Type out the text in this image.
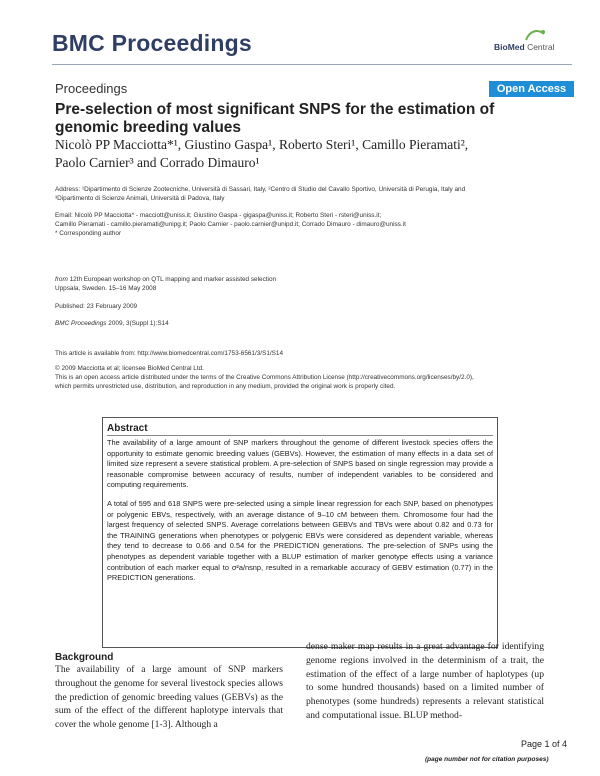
BMC Proceedings	BioMed Central
Proceedings	Open Access
Pre-selection of most significant SNPS for the estimation of
genomic breeding values
Nicolò PP Macciotta*¹, Giustino Gaspa¹, Roberto Steri¹, Camillo Pieramati²,
Paolo Carnier³ and Corrado Dimauro¹

Address: ¹Dipartimento di Scienze Zootecniche, Università di Sassari, Italy, ²Centro di Studio del Cavallo Sportivo, Università di Perugia, Italy and

³Dipartimento di Scienze Animali, Università di Padova, Italy

Email: Nicolò PP Macciotta* - macciott@uniss.it; Giustino Gaspa - gigaspa@uniss.it; Roberto Steri - rsteri@uniss.it;

Camillo Pieramati - camillo.pieramati@unipg.it; Paolo Carnier - paolo.carnier@unipd.it; Corrado Dimauro - dimauro@uniss.it

* Corresponding author

from 12th European workshop on QTL mapping and marker assisted selection

Uppsala, Sweden. 15–16 May 2008

Published: 23 February 2009
BMC Proceedings 2009, 3(Suppl 1):S14
This article is available from: http://www.biomedcentral.com/1753-6561/3/S1/S14

© 2009 Macciotta et al; licensee BioMed Central Ltd.

This is an open access article distributed under the terms of the Creative Commons Attribution License (http://creativecommons.org/licenses/by/2.0),

which permits unrestricted use, distribution, and reproduction in any medium, provided the original work is properly cited.

Abstract

The availability of a large amount of SNP markers throughout the genome of different livestock species offers the opportunity to estimate genomic breeding values (GEBVs). However, the estimation of many effects in a data set of limited size represent a severe statistical problem. A pre-selection of SNPS based on single regression may provide a reasonable compromise between accuracy of results, number of independent variables to be considered and computing requirements.

A total of 595 and 618 SNPS were pre-selected using a simple linear regression for each SNP, based on phenotypes or polygenic EBVs, respectively, with an average distance of 9–10 cM between them. Chromosome four had the largest frequency of selected SNPS. Average correlations between GEBVs and TBVs were about 0.82 and 0.73 for the TRAINING generations when phenotypes or polygenic EBVs were considered as dependent variable, whereas they tend to decrease to 0.66 and 0.54 for the PREDICTION generations. The pre-selection of SNPs using the phenotypes as dependent variable together with a BLUP estimation of marker genotype effects using a variance contribution of each marker equal to σ²a/nsnp, resulted in a remarkable accuracy of GEBV estimation (0.77) in the PREDICTION generations.

Background
The availability of a large amount of SNP markers throughout the genome for several livestock species allows the prediction of genomic breeding values (GEBVs) as the sum of the effect of the different haplotype intervals that cover the whole genome [1-3]. Although a
dense maker map results in a great advantage for identifying genome regions involved in the determinism of a trait, the estimation of the effect of a large number of haplotypes (up to some hundred thousands) based on a limited number of phenotypes (some hundreds) represents a relevant statistical and computational issue. BLUP method-
Page 1 of 4
(page number not for citation purposes)
